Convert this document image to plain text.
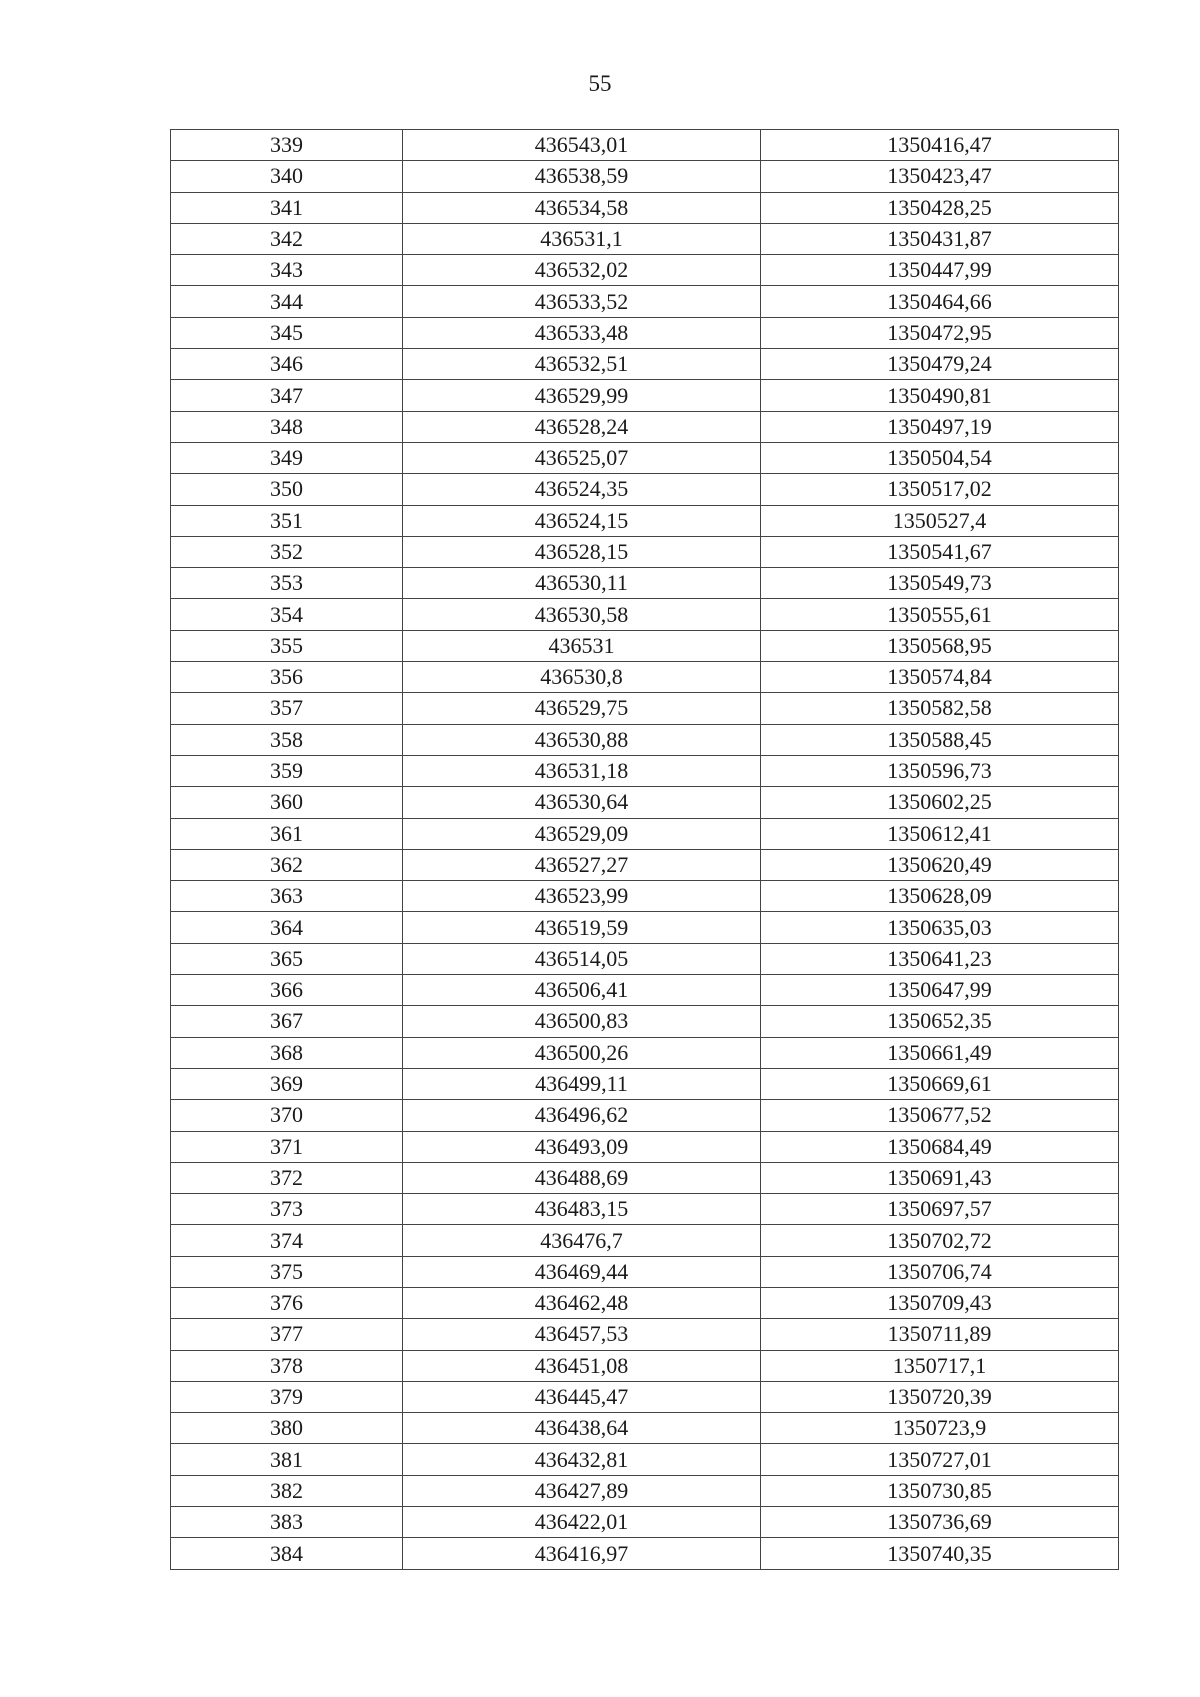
55
339	436543,01	1350416,47
340	436538,59	1350423,47
341	436534,58	1350428,25
342	436531,1	1350431,87
343	436532,02	1350447,99
344	436533,52	1350464,66
345	436533,48	1350472,95
346	436532,51	1350479,24
347	436529,99	1350490,81
348	436528,24	1350497,19
349	436525,07	1350504,54
350	436524,35	1350517,02
351	436524,15	1350527,4
352	436528,15	1350541,67
353	436530,11	1350549,73
354	436530,58	1350555,61
355	436531	1350568,95
356	436530,8	1350574,84
357	436529,75	1350582,58
358	436530,88	1350588,45
359	436531,18	1350596,73
360	436530,64	1350602,25
361	436529,09	1350612,41
362	436527,27	1350620,49
363	436523,99	1350628,09
364	436519,59	1350635,03
365	436514,05	1350641,23
366	436506,41	1350647,99
367	436500,83	1350652,35
368	436500,26	1350661,49
369	436499,11	1350669,61
370	436496,62	1350677,52
371	436493,09	1350684,49
372	436488,69	1350691,43
373	436483,15	1350697,57
374	436476,7	1350702,72
375	436469,44	1350706,74
376	436462,48	1350709,43
377	436457,53	1350711,89
378	436451,08	1350717,1
379	436445,47	1350720,39
380	436438,64	1350723,9
381	436432,81	1350727,01
382	436427,89	1350730,85
383	436422,01	1350736,69
384	436416,97	1350740,35
